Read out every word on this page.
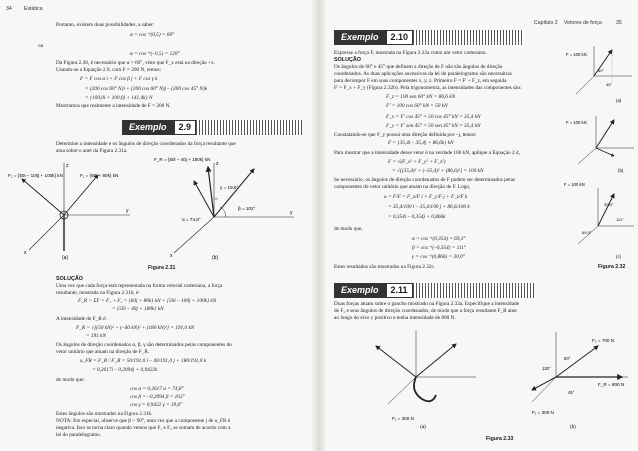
34 Estática
Portanto, existem duas possibilidades, a saber:
α = cos⁻¹(0,5) = 60°
ou
α = cos⁻¹(–0,5) = 120°
Da Figura 2.30, é necessário que α = 60°, visto que F_x está na direção +x.
Usando-se a Equação 2.9, com F = 200 N, temos:
F = F cos α i + F cos β j + F cos γ k
= (200 cos 60° N)i + (200 cos 60° N)j – (200 cos 45° N)k
= {100,0i + 100,0j + 141,4k} N
Mostramos que realmente a intensidade de F = 200 N.
Exemplo	2.9
Determine a intensidade e os ângulos de direção coordenados da força resultante que
atua sobre o anel da Figura 2.31a.
z
y
x
F₁ = {60j + 80k} kN
F₂ = {50i – 100j + 100k} kN
(a)
z
y
x
F_R = {50i – 40j + 180k} kN
γ = 19,6°
β = 102°
α = 74,8°
(b)
Figura 2.31
SOLUÇÃO
Uma vez que cada força está representada na forma vetorial cartesiana, a força
resultante, mostrada na Figura 2.31b, é:
F_R = ΣF = F₁ + F₂ = {60j + 80k} kN + {50i – 100j + 100k} kN
= {50i – 40j + 180k} kN
A intensidade de F_R é:
F_R = √[(50 kN)² + (–40 kN)² + (180 kN)²] = 191,0 kN
= 191 kN
Os ângulos de direção coordenados α, β, γ são determinados pelas componentes do
vetor unitário que atuam na direção de F_R.
u_FR = F_R / F_R = 50/191,0 i – 40/191,0 j + 180/191,0 k
= 0,2617i – 0,2094j + 0,9422k
de modo que:
cos α = 0,2617 α = 74,8°
cos β = –0,2094 β = 102°
cos γ = 0,9422 γ = 19,6°
Estes ângulos são mostrados na Figura 2.31b.
NOTA: Em especial, observe que β > 90°, uma vez que a componente j de u_FR é
negativa. Isso se torna claro quando vemos que F₁ e F₂ se somam de acordo com a
lei do paralelogramo.
Capítulo 2 Vetores de força	35
Exemplo	2.10
Expresse a força F, mostrada na Figura 2.32a como um vetor cartesiano.
SOLUÇÃO
Os ângulos de 60° e 45° que definem a direção de F não são ângulos de direção
coordenados. As duas aplicações sucessivas da lei do paralelogramo são necessárias
para decompor F em suas componentes x, y, z. Primeiro F = F' + F_z, em seguida
F' = F_x + F_y (Figura 2.32b). Pela trigonometria, as intensidades das componentes são:
F_z = 100 sen 60° kN = 86,6 kN
F' = 100 cos 60° kN = 50 kN
F_x = F' cos 45° = 50 cos 45° kN = 35,4 kN
F_y = F' sen 45° = 50 sen 45° kN = 35,4 kN
Constatando-se que F_y possui uma direção definida por –j, temos:
F = {35,4i – 35,4j + 86,6k} kN
Para mostrar que a intensidade desse vetor é na verdade 100 kN, aplique a Equação 2.4,
F = √(F_x² + F_y² + F_z²)
= √[(35,4)² + (–35,4)² + (86,6)²] = 100 kN
Se necessário, os ângulos de direção coordenados de F podem ser determinados pelas
componentes do vetor unitário que atuam na direção de F. Logo,
u = F/F = F_x/F i + F_y/F j + F_z/F k
= 35,4/100 i – 35,4/100 j + 86,6/100 k
= 0,354i – 0,354j + 0,866k
de modo que,
α = cos⁻¹(0,354) = 69,3°
β = cos⁻¹(–0,354) = 111°
γ = cos⁻¹(0,866) = 30,0°
Estes resultados são mostrados na Figura 2.32c.
F = 100 kN
60°
45°
(a)
F = 100 kN
(b)
F = 100 kN
30,0°
111°
69,3°
(c)
Figura 2.32
Exemplo	2.11
Duas forças atuam sobre o gancho mostrado na Figura 2.33a. Especifique a intensidade
de F₂ e seus ângulos de direção coordenados, de modo que a força resultante F_R atue
ao longo do eixo y positivo e tenha intensidade de 800 N.
F₁ = 300 N
(a)
F₂ = 700 N
F_R = 800 N
F₁ = 300 N
60°
120°
45°
(b)
Figura 2.33
